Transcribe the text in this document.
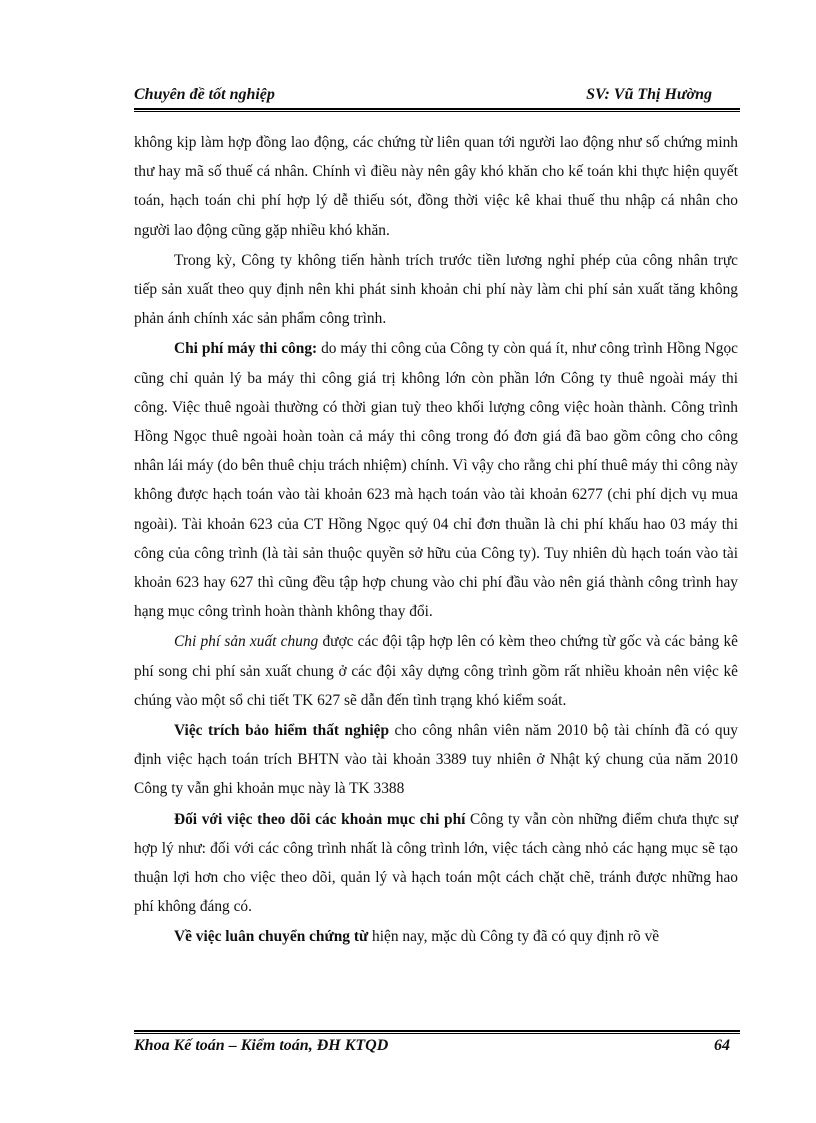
Chuyên đề tốt nghiệp	SV: Vũ Thị Hường

không kịp làm hợp đồng lao động, các chứng từ liên quan tới người lao động như số chứng minh thư hay mã số thuế cá nhân. Chính vì điều này nên gây khó khăn cho kế toán khi thực hiện quyết toán, hạch toán chi phí hợp lý dễ thiếu sót, đồng thời việc kê khai thuế thu nhập cá nhân cho người lao động cũng gặp nhiều khó khăn.

Trong kỳ, Công ty không tiến hành trích trước tiền lương nghỉ phép của công nhân trực tiếp sản xuất theo quy định nên khi phát sinh khoản chi phí này làm chi phí sản xuất tăng không phản ánh chính xác sản phẩm công trình.

Chi phí máy thi công: do máy thi công của Công ty còn quá ít, như công trình Hồng Ngọc cũng chỉ quản lý ba máy thi công giá trị không lớn còn phần lớn Công ty thuê ngoài máy thi công. Việc thuê ngoài thường có thời gian tuỳ theo khối lượng công việc hoàn thành. Công trình Hồng Ngọc thuê ngoài hoàn toàn cả máy thi công trong đó đơn giá đã bao gồm công cho công nhân lái máy (do bên thuê chịu trách nhiệm) chính. Vì vậy cho rằng chi phí thuê máy thi công này không được hạch toán vào tài khoản 623 mà hạch toán vào tài khoản 6277 (chi phí dịch vụ mua ngoài). Tài khoản 623 của CT Hồng Ngọc quý 04 chỉ đơn thuần là chi phí khấu hao 03 máy thi công của công trình (là tài sản thuộc quyền sở hữu của Công ty). Tuy nhiên dù hạch toán vào tài khoản 623 hay 627 thì cũng đều tập hợp chung vào chi phí đầu vào nên giá thành công trình hay hạng mục công trình hoàn thành không thay đổi.

Chi phí sản xuất chung được các đội tập hợp lên có kèm theo chứng từ gốc và các bảng kê phí song chi phí sản xuất chung ở các đội xây dựng công trình gồm rất nhiều khoản nên việc kê chúng vào một sổ chi tiết TK 627 sẽ dẫn đến tình trạng khó kiểm soát.

Việc trích bảo hiểm thất nghiệp cho công nhân viên năm 2010 bộ tài chính đã có quy định việc hạch toán trích BHTN vào tài khoản 3389 tuy nhiên ở Nhật ký chung của năm 2010 Công ty vẫn ghi khoản mục này là TK 3388

Đối với việc theo dõi các khoản mục chi phí Công ty vẫn còn những điểm chưa thực sự hợp lý như: đối với các công trình nhất là công trình lớn, việc tách càng nhỏ các hạng mục sẽ tạo thuận lợi hơn cho việc theo dõi, quản lý và hạch toán một cách chặt chẽ, tránh được những hao phí không đáng có.

Về việc luân chuyển chứng từ hiện nay, mặc dù Công ty đã có quy định rõ về

Khoa Kế toán – Kiểm toán, ĐH KTQD	64
